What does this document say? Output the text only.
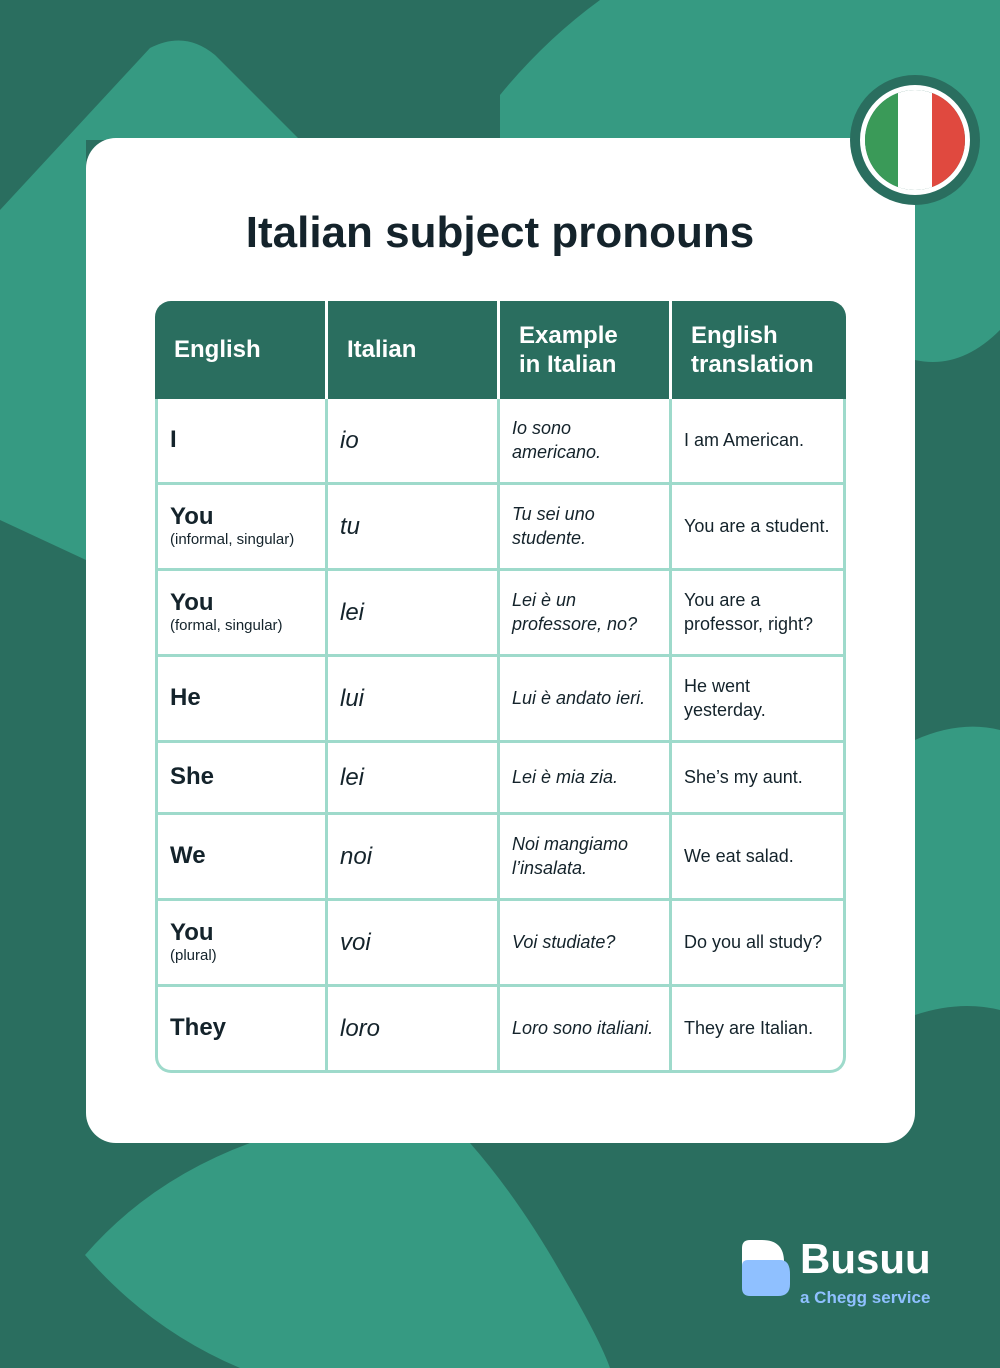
Italian subject pronouns
English	Italian	Example in Italian	English translation

I	io	Io sono americano.	I am American.

You
(informal, singular)	tu	Tu sei uno studente.	You are a student.

You
(formal, singular)	lei	Lei è un professore, no?	You are a professor, right?

He	lui	Lui è andato ieri.	He went yesterday.

She	lei	Lei è mia zia.	She’s my aunt.

We	noi	Noi mangiamo l’insalata.	We eat salad.

You
(plural)	voi	Voi studiate?	Do you all study?

They	loro	Loro sono italiani.	They are Italian.
Busuu
a Chegg service
